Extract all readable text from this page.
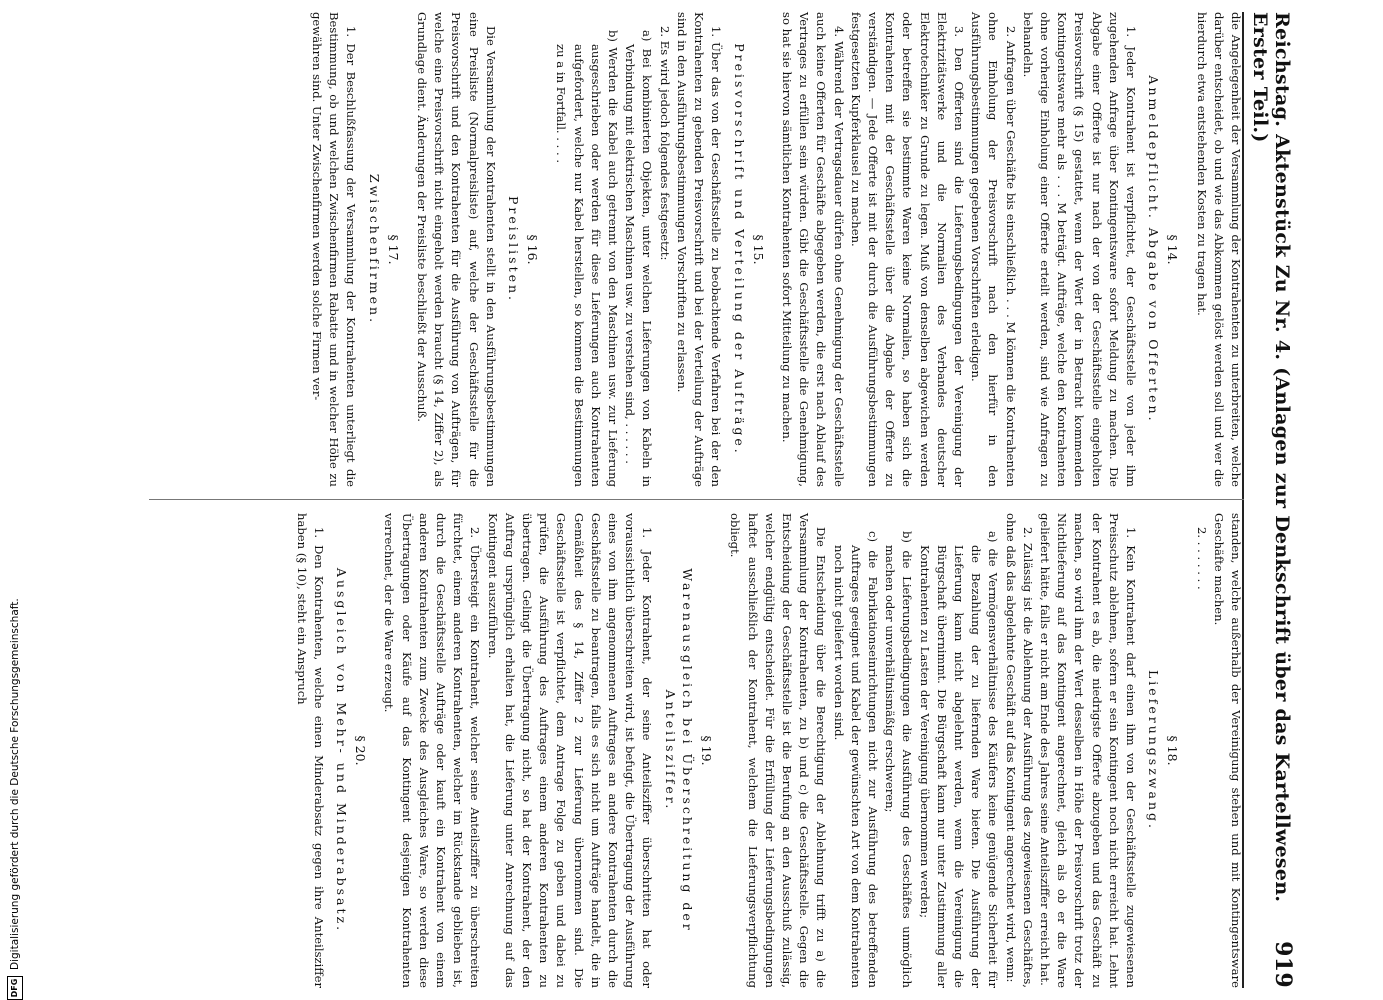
Reichstag. Aktenstück Zu Nr. 4. (Anlagen zur Denkschrift über das Kartellwesen. Erster Teil.)
919

die Angelegenheit der Versammlung der Kontrahenten zu unterbreiten, welche darüber entscheidet, ob und wie das Abkommen gelöst werden soll und wer die hierdurch etwa entstehenden Kosten zu tragen hat.

§ 14.
Anmeldepflicht. Abgabe von Offerten.

1. Jeder Kontrahent ist verpflichtet, der Geschäftsstelle von jeder ihm zugehenden Anfrage über Kontingentsware sofort Meldung zu machen. Die Abgabe einer Offerte ist nur nach der von der Geschäftsstelle eingeholten Preisvorschrift (§ 15) gestattet, wenn der Wert der in Betracht kommenden Kontingentsware mehr als . . . M beträgt. Aufträge, welche den Kontrahenten ohne vorherige Einholung einer Offerte erteilt werden, sind wie Anfragen zu behandeln.

2. Anfragen über Geschäfte bis einschließlich . . . M können die Kontrahenten ohne Einholung der Preisvorschrift nach den hierfür in den Ausführungsbestimmungen gegebenen Vorschriften erledigen.

3. Den Offerten sind die Lieferungsbedingungen der Vereinigung der Elektrizitätswerke und die Normalien des Verbandes deutscher Elektrotechniker zu Grunde zu legen. Muß von denselben abgewichen werden oder betreffen sie bestimmte Waren keine Normalien, so haben sich die Kontrahenten mit der Geschäftsstelle über die Abgabe der Offerte zu verständigen. — Jede Offerte ist mit der durch die Ausführungsbestimmungen festgesetzten Kupferklausel zu machen.

4. Während der Vertragsdauer dürfen ohne Genehmigung der Geschäftsstelle auch keine Offerten für Geschäfte abgegeben werden, die erst nach Ablauf des Vertrages zu erfüllen sein würden. Gibt die Geschäftsstelle die Genehmigung, so hat sie hiervon sämtlichen Kontrahenten sofort Mitteilung zu machen.

§ 15.
Preisvorschrift und Verteilung der Aufträge.

1. Über das von der Geschäftsstelle zu beobachtende Verfahren bei der den Kontrahenten zu gebenden Preisvorschrift und bei der Verteilung der Aufträge sind in den Ausführungsbestimmungen Vorschriften zu erlassen.

2. Es wird jedoch folgendes festgesetzt:

a) Bei kombinierten Objekten, unter welchen Lieferungen von Kabeln in Verbindung mit elektrischen Maschinen usw. zu verstehen sind, . . . . . .

b) Werden die Kabel auch getrennt von den Maschinen usw. zur Lieferung ausgeschrieben oder werden für diese Lieferungen auch Kontrahenten aufgefordert, welche nur Kabel herstellen, so kommen die Bestimmungen zu a in Fortfall. . . . .

§ 16.
Preislisten.

Die Versammlung der Kontrahenten stellt in den Ausführungsbestimmungen eine Preisliste (Normalpreisliste) auf, welche der Geschäftsstelle für die Preisvorschrift und den Kontrahenten für die Ausführung von Aufträgen, für welche eine Preisvorschrift nicht eingeholt werden braucht (§ 14, Ziffer 2), als Grundlage dient. Änderungen der Preisliste beschließt der Ausschuß.

§ 17.
Zwischenfirmen.

1. Der Beschlußfassung der Versammlung der Kontrahenten unterliegt die Bestimmung, ob und welchen Zwischenfirmen Rabatte und in welcher Höhe zu gewähren sind. Unter Zwischenfirmen werden solche Firmen ver-

standen, welche außerhalb der Vereinigung stehen und mit Kontingentsware Geschäfte machen.

2. . . . . . . .

§ 18.
Lieferungszwang.

1. Kein Kontrahent darf einen ihm von der Geschäftsstelle zugewiesenen Preisschutz ablehnen, sofern er sein Kontingent noch nicht erreicht hat. Lehnt der Kontrahent es ab, die niedrigste Offerte abzugeben und das Geschäft zu machen, so wird ihm der Wert desselben in Höhe der Preisvorschrift trotz der Nichtlieferung auf das Kontingent angerechnet, gleich als ob er die Ware geliefert hätte, falls er nicht am Ende des Jahres seine Anteilsziffer erreicht hat.

2. Zulässig ist die Ablehnung der Ausführung des zugewiesenen Geschäftes, ohne daß das abgelehnte Geschäft auf das Kontingent angerechnet wird, wenn:

a) die Vermögensverhältnisse des Käufers keine genügende Sicherheit für die Bezahlung der zu liefernden Ware bieten. Die Ausführung der Lieferung kann nicht abgelehnt werden, wenn die Vereinigung die Bürgschaft übernimmt. Die Bürgschaft kann nur unter Zustimmung aller Kontrahenten zu Lasten der Vereinigung übernommen werden;

b) die Lieferungsbedingungen die Ausführung des Geschäftes unmöglich machen oder unverhältnismäßig erschweren;

c) die Fabrikationseinrichtungen nicht zur Ausführung des betreffenden Auftrages geeignet und Kabel der gewünschten Art von dem Kontrahenten noch nicht geliefert worden sind.

Die Entscheidung über die Berechtigung der Ablehnung trifft zu a) die Versammlung der Kontrahenten, zu b) und c) die Geschäftsstelle. Gegen die Entscheidung der Geschäftsstelle ist die Berufung an den Ausschuß zulässig, welcher endgültig entscheidet. Für die Erfüllung der Lieferungsbedingungen haftet ausschließlich der Kontrahent, welchem die Lieferungsverpflichtung obliegt.

§ 19.
Warenausgleich bei Überschreitung der Anteilsziffer.

1. Jeder Kontrahent, der seine Anteilsziffer überschritten hat oder voraussichtlich überschreiten wird, ist befugt, die Übertragung der Ausführung eines von ihm angenommenen Auftrages an andere Kontrahenten durch die Geschäftsstelle zu beantragen, falls es sich nicht um Aufträge handelt, die in Gemäßheit des § 14, Ziffer 2 zur Lieferung übernommen sind. Die Geschäftsstelle ist verpflichtet, dem Antrage Folge zu geben und dabei zu prüfen, die Ausführung des Auftrages einem anderen Kontrahenten zu übertragen. Gelingt die Übertragung nicht, so hat der Kontrahent, der den Auftrag ursprünglich erhalten hat, die Lieferung unter Anrechnung auf das Kontingent auszuführen.

2. Übersteigt ein Kontrahent, welcher seine Anteilsziffer zu überschreiten fürchtet, einem anderen Kontrahenten, welcher im Rückstande geblieben ist, durch die Geschäftsstelle Aufträge oder kauft ein Kontrahent von einem anderen Kontrahenten zum Zwecke des Ausgleiches Ware, so werden diese Übertragungen oder Käufe auf das Kontingent desjenigen Kontrahenten verrechnet, der die Ware erzeugt.

§ 20.
Ausgleich von Mehr- und Minderabsatz.

1. Den Kontrahenten, welche einen Minderabsatz gegen ihre Anteilsziffer haben (§ 10), steht ein Anspruch

DFG
Digitalisierung gefördert durch die Deutsche Forschungsgemeinschaft.
